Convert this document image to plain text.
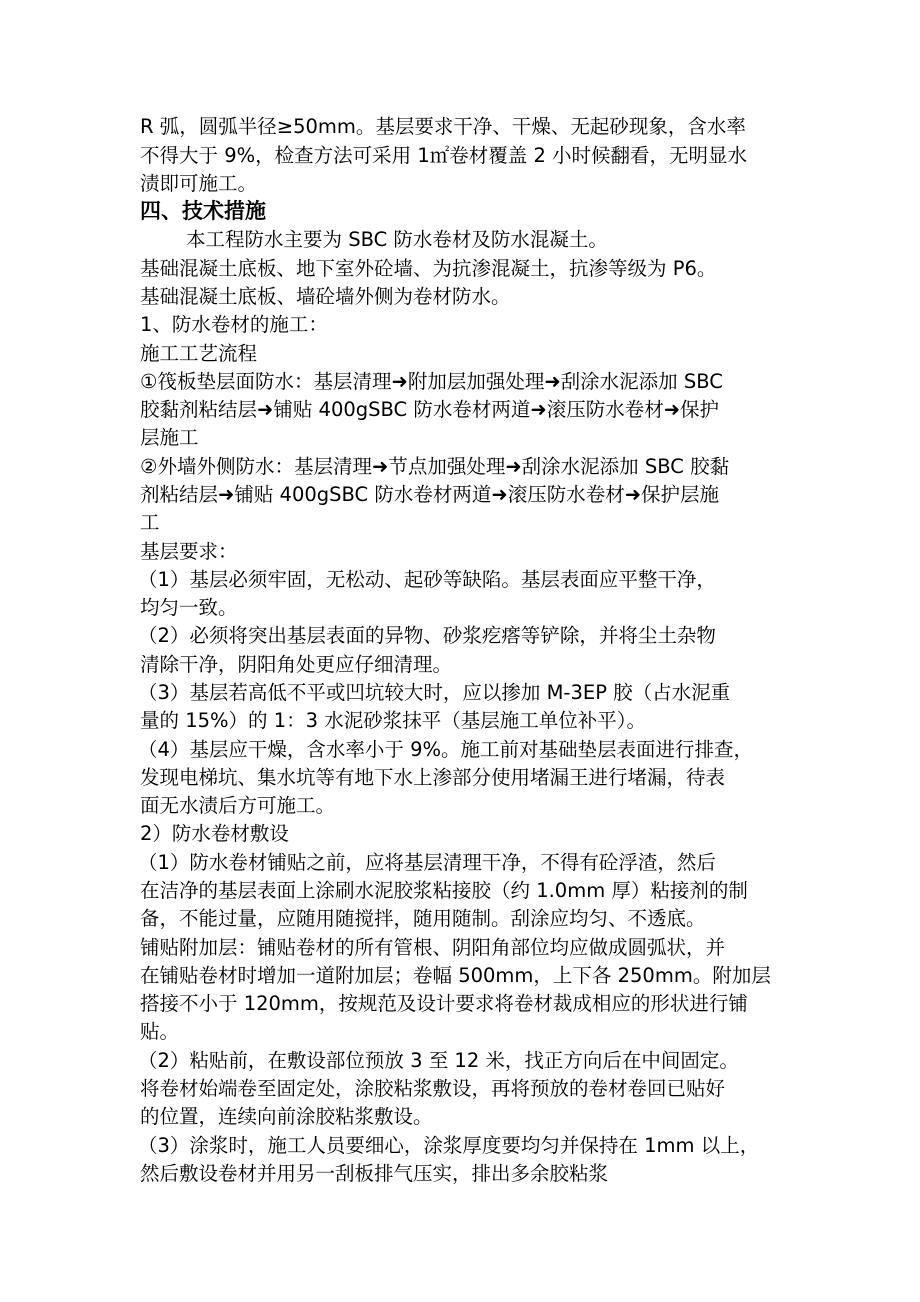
R 弧，圆弧半径≥50mm。基层要求干净、干燥、无起砂现象，含水率
不得大于 9%，检查方法可采用 1㎡卷材覆盖 2 小时候翻看，无明显水
渍即可施工。
四、技术措施
本工程防水主要为 SBC 防水卷材及防水混凝土。
基础混凝土底板、地下室外砼墙、为抗渗混凝土，抗渗等级为 P6。
基础混凝土底板、墙砼墙外侧为卷材防水。
1、防水卷材的施工：
施工工艺流程
①筏板垫层面防水：基层清理➜附加层加强处理➜刮涂水泥添加 SBC
胶黏剂粘结层➜铺贴 400gSBC 防水卷材两道➜滚压防水卷材➜保护
层施工
②外墙外侧防水：基层清理➜节点加强处理➜刮涂水泥添加 SBC 胶黏
剂粘结层➜铺贴 400gSBC 防水卷材两道➜滚压防水卷材➜保护层施
工
基层要求：
（1）基层必须牢固，无松动、起砂等缺陷。基层表面应平整干净，
均匀一致。
（2）必须将突出基层表面的异物、砂浆疙瘩等铲除，并将尘土杂物
清除干净，阴阳角处更应仔细清理。
（3）基层若高低不平或凹坑较大时，应以掺加 M-3EP 胶（占水泥重
量的 15%）的 1：3 水泥砂浆抹平（基层施工单位补平）。
（4）基层应干燥，含水率小于 9%。施工前对基础垫层表面进行排查，
发现电梯坑、集水坑等有地下水上渗部分使用堵漏王进行堵漏，待表
面无水渍后方可施工。
2）防水卷材敷设
（1）防水卷材铺贴之前，应将基层清理干净，不得有砼浮渣，然后
在洁净的基层表面上涂刷水泥胶浆粘接胶（约 1.0mm 厚）粘接剂的制
备，不能过量，应随用随搅拌，随用随制。刮涂应均匀、不透底。
铺贴附加层：铺贴卷材的所有管根、阴阳角部位均应做成圆弧状，并
在铺贴卷材时增加一道附加层；卷幅 500mm，上下各 250mm。附加层
搭接不小于 120mm，按规范及设计要求将卷材裁成相应的形状进行铺
贴。
（2）粘贴前，在敷设部位预放 3 至 12 米，找正方向后在中间固定。
将卷材始端卷至固定处，涂胶粘浆敷设，再将预放的卷材卷回已贴好
的位置，连续向前涂胶粘浆敷设。
（3）涂浆时，施工人员要细心，涂浆厚度要均匀并保持在 1mm 以上，
然后敷设卷材并用另一刮板排气压实，排出多余胶粘浆
